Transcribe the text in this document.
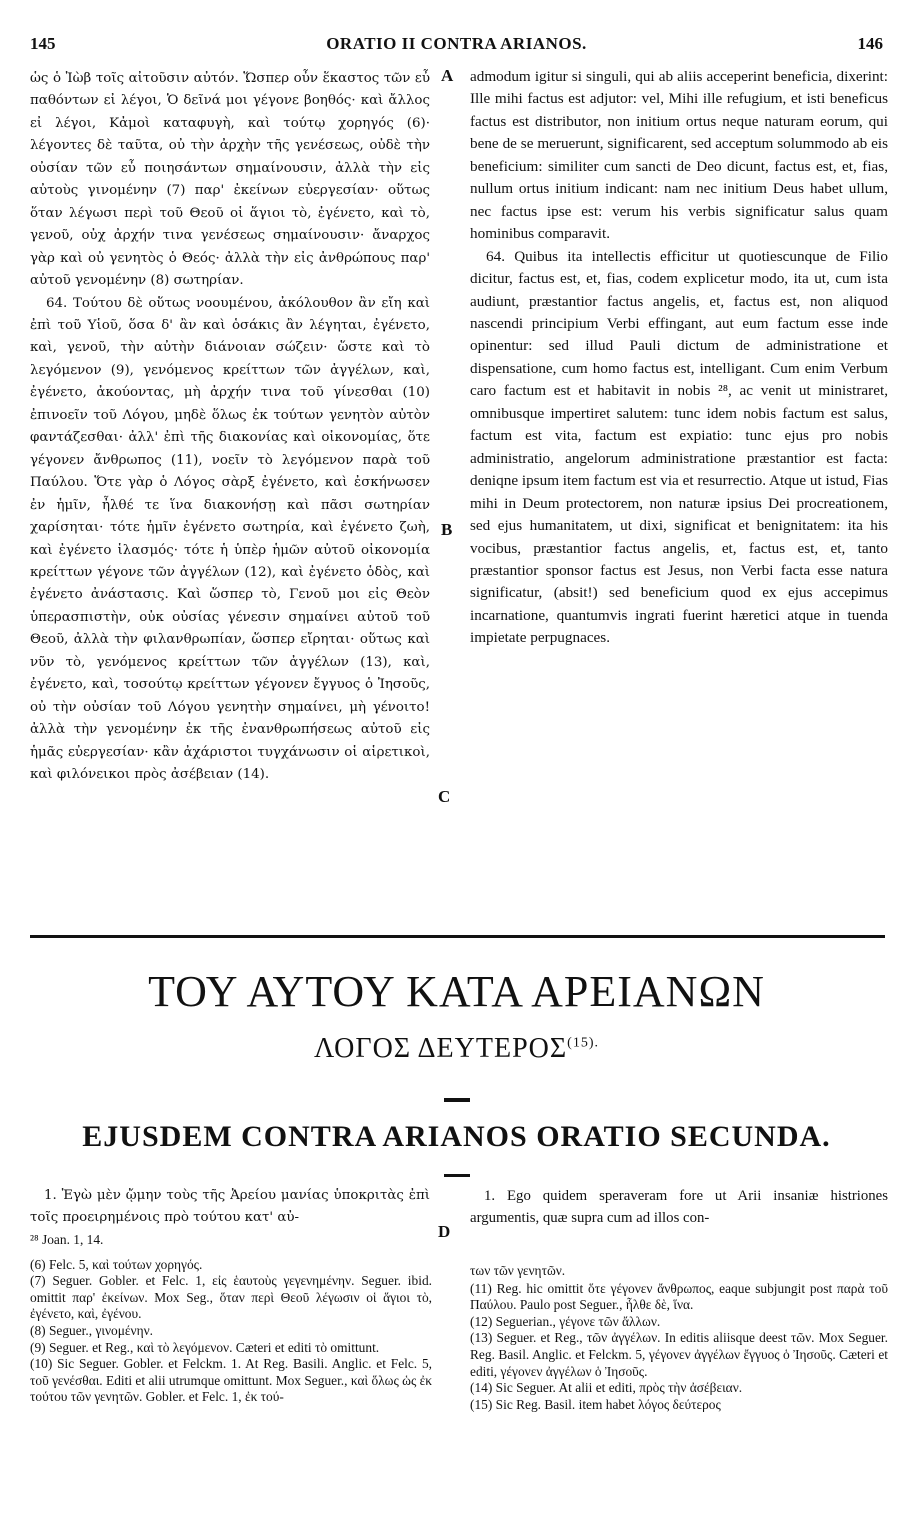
145	ORATIO II CONTRA ARIANOS.	146
A
B
C
D

ὡς ὁ Ἰὼβ τοῖς αἰτοῦσιν αὐτόν. Ὥσπερ οὖν ἕκαστος τῶν εὖ παθόντων εἰ λέγοι, Ὁ δεῖνά μοι γέγονε βοηθός· καὶ ἄλλος εἰ λέγοι, Κἀμοὶ καταφυγὴ, καὶ τούτῳ χορηγός (6)· λέγοντες δὲ ταῦτα, οὐ τὴν ἀρχὴν τῆς γενέσεως, οὐδὲ τὴν οὐσίαν τῶν εὖ ποιησάντων σημαίνουσιν, ἀλλὰ τὴν εἰς αὐτοὺς γινομένην (7) παρ' ἐκείνων εὐεργεσίαν· οὕτως ὅταν λέγωσι περὶ τοῦ Θεοῦ οἱ ἅγιοι τὸ, ἐγένετο, καὶ τὸ, γενοῦ, οὐχ ἀρχήν τινα γενέσεως σημαίνουσιν· ἄναρχος γὰρ καὶ οὐ γενητὸς ὁ Θεός· ἀλλὰ τὴν εἰς ἀνθρώπους παρ' αὐτοῦ γενομένην (8) σωτηρίαν.

64. Τούτου δὲ οὕτως νοουμένου, ἀκόλουθον ἂν εἴη καὶ ἐπὶ τοῦ Υἱοῦ, ὅσα δ' ἂν καὶ ὁσάκις ἂν λέγηται, ἐγένετο, καὶ, γενοῦ, τὴν αὐτὴν διάνοιαν σώζειν· ὥστε καὶ τὸ λεγόμενον (9), γενόμενος κρείττων τῶν ἀγγέλων, καὶ, ἐγένετο, ἀκούοντας, μὴ ἀρχήν τινα τοῦ γίνεσθαι (10) ἐπινοεῖν τοῦ Λόγου, μηδὲ ὅλως ἐκ τούτων γενητὸν αὐτὸν φαντάζεσθαι· ἀλλ' ἐπὶ τῆς διακονίας καὶ οἰκονομίας, ὅτε γέγονεν ἄνθρωπος (11), νοεῖν τὸ λεγόμενον παρὰ τοῦ Παύλου. Ὅτε γὰρ ὁ Λόγος σὰρξ ἐγένετο, καὶ ἐσκήνωσεν ἐν ἡμῖν, ἦλθέ τε ἵνα διακονήσῃ καὶ πᾶσι σωτηρίαν χαρίσηται· τότε ἡμῖν ἐγένετο σωτηρία, καὶ ἐγένετο ζωὴ, καὶ ἐγένετο ἱλασμός· τότε ἡ ὑπὲρ ἡμῶν αὐτοῦ οἰκονομία κρείττων γέγονε τῶν ἀγγέλων (12), καὶ ἐγένετο ὁδὸς, καὶ ἐγένετο ἀνάστασις. Καὶ ὥσπερ τὸ, Γενοῦ μοι εἰς Θεὸν ὑπερασπιστὴν, οὐκ οὐσίας γένεσιν σημαίνει αὐτοῦ τοῦ Θεοῦ, ἀλλὰ τὴν φιλανθρωπίαν, ὥσπερ εἴρηται· οὕτως καὶ νῦν τὸ, γενόμενος κρείττων τῶν ἀγγέλων (13), καὶ, ἐγένετο, καὶ, τοσούτῳ κρείττων γέγονεν ἔγγυος ὁ Ἰησοῦς, οὐ τὴν οὐσίαν τοῦ Λόγου γενητὴν σημαίνει, μὴ γένοιτο! ἀλλὰ τὴν γενομένην ἐκ τῆς ἐνανθρωπήσεως αὐτοῦ εἰς ἡμᾶς εὐεργεσίαν· κἂν ἀχάριστοι τυγχάνωσιν οἱ αἱρετικοὶ, καὶ φιλόνεικοι πρὸς ἀσέβειαν (14).

admodum igitur si singuli, qui ab aliis acceperint beneficia, dixerint: Ille mihi factus est adjutor: vel, Mihi ille refugium, et isti beneficus factus est distributor, non initium ortus neque naturam eorum, qui bene de se meruerunt, significarent, sed acceptum solummodo ab eis beneficium: similiter cum sancti de Deo dicunt, factus est, et, fias, nullum ortus initium indicant: nam nec initium Deus habet ullum, nec factus ipse est: verum his verbis significatur salus quam hominibus comparavit.

64. Quibus ita intellectis efficitur ut quotiescunque de Filio dicitur, factus est, et, fias, codem explicetur modo, ita ut, cum ista audiunt, præstantior factus angelis, et, factus est, non aliquod nascendi principium Verbi effingant, aut eum factum esse inde opinentur: sed illud Pauli dictum de administratione et dispensatione, cum homo factus est, intelligant. Cum enim Verbum caro factum est et habitavit in nobis ²⁸, ac venit ut ministraret, omnibusque impertiret salutem: tunc idem nobis factum est salus, factum est vita, factum est expiatio: tunc ejus pro nobis administratio, angelorum administratione præstantior est facta: deniqne ipsum item factum est via et resurrectio. Atque ut istud, Fias mihi in Deum protectorem, non naturæ ipsius Dei procreationem, sed ejus humanitatem, ut dixi, significat et benignitatem: ita his vocibus, præstantior factus angelis, et, factus est, et, tanto præstantior sponsor factus est Jesus, non Verbi facta esse natura significatur, (absit!) sed beneficium quod ex ejus accepimus incarnatione, quantumvis ingrati fuerint hæretici atque in tuenda impietate perpugnaces.

ΤΟΥ ΑΥΤΟΥ ΚΑΤΑ ΑΡΕΙΑΝΩΝ
ΛΟΓΟΣ $\Delta E\Upsilon TEPO\Sigma^{(15).}$
EJUSDEM CONTRA ARIANOS ORATIO SECUNDA.

1. Ἐγὼ μὲν ᾤμην τοὺς τῆς Ἀρείου μανίας ὑποκριτὰς ἐπὶ τοῖς προειρημένοις πρὸ τούτου κατ' αὐ-

1. Ego quidem speraveram fore ut Arii insaniæ histriones argumentis, quæ supra cum ad illos con-

²⁸ Joan. 1, 14.

(6) Felc. 5, καὶ τούτων χορηγός.

(7) Seguer. Gobler. et Felc. 1, εἰς ἑαυτοὺς γεγενημένην. Seguer. ibid. omittit παρ' ἐκείνων. Mox Seg., ὅταν περὶ Θεοῦ λέγωσιν οἱ ἅγιοι τὸ, ἐγένετο, καὶ, ἐγένου.

(8) Seguer., γινομένην.

(9) Seguer. et Reg., καὶ τὸ λεγόμενον. Cæteri et editi τὸ omittunt.

(10) Sic Seguer. Gobler. et Felckm. 1. At Reg. Basili. Anglic. et Felc. 5, τοῦ γενέσθαι. Editi et alii utrumque omittunt. Mox Seguer., καὶ ὅλως ὡς ἐκ τούτου τῶν γενητῶν. Gobler. et Felc. 1, ἐκ τού-

των τῶν γενητῶν.

(11) Reg. hic omittit ὅτε γέγονεν ἄνθρωπος, eaque subjungit post παρὰ τοῦ Παύλου. Paulo post Seguer., ἦλθε δὲ, ἵνα.

(12) Seguerian., γέγονε τῶν ἄλλων.

(13) Seguer. et Reg., τῶν ἀγγέλων. In editis aliisque deest τῶν. Mox Seguer. Reg. Basil. Anglic. et Felckm. 5, γέγονεν ἀγγέλων ἔγγυος ὁ Ἰησοῦς. Cæteri et editi, γέγονεν ἀγγέλων ὁ Ἰησοῦς.

(14) Sic Seguer. At alii et editi, πρὸς τὴν ἀσέβειαν.

(15) Sic Reg. Basil. item habet λόγος δεύτερος
